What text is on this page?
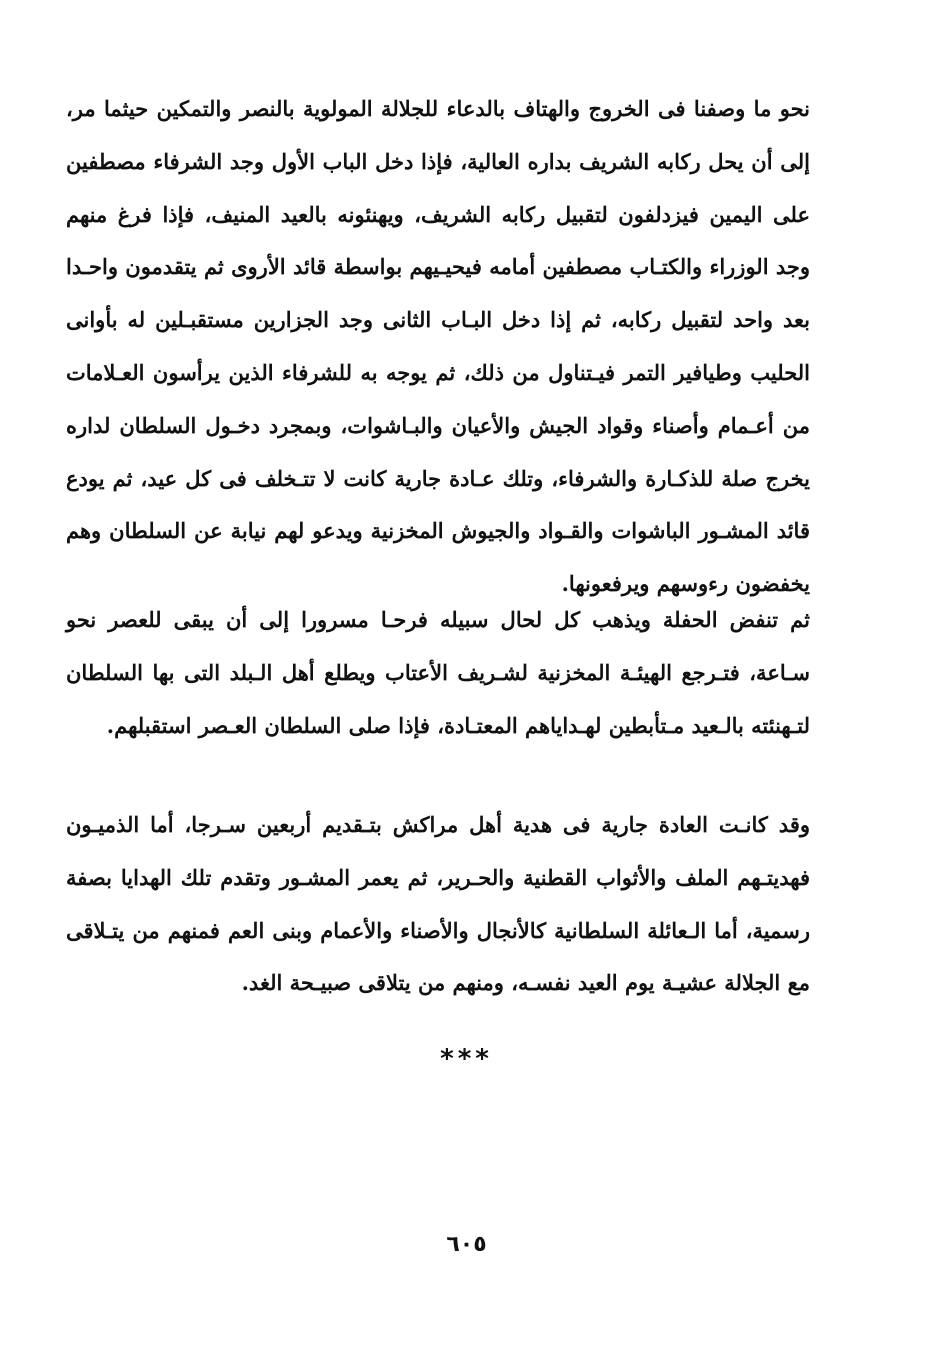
نحو ما وصفنا فى الخروج والهتاف بالدعاء للجلالة المولوية بالنصر والتمكين حيثما مر، إلى أن يحل ركابه الشريف بداره العالية، فإذا دخل الباب الأول وجد الشرفاء مصطفين على اليمين فيزدلفون لتقبيل ركابه الشريف، ويهنئونه بالعيد المنيف، فإذا فرغ منهم وجد الوزراء والكتـاب مصطفين أمامه فيحيـيهم بواسطة قائد الأروى ثم يتقدمون واحـدا بعد واحد لتقبيل ركابه، ثم إذا دخل البـاب الثانى وجد الجزارين مستقبـلين له بأوانى الحليب وطيافير التمر فيـتناول من ذلك، ثم يوجه به للشرفاء الذين يرأسون العـلامات من أعـمام وأصناء وقواد الجيش والأعيان والبـاشوات، وبمجرد دخـول السلطان لداره يخرج صلة للذكـارة والشرفاء، وتلك عـادة جارية كانت لا تتـخلف فى كل عيد، ثم يودع قائد المشـور الباشوات والقـواد والجيوش المخزنية ويدعو لهم نيابة عن السلطان وهم يخفضون رءوسهم ويرفعونها.

ثم تنفض الحفلة ويذهب كل لحال سبيله فرحـا مسرورا إلى أن يبقى للعصر نحو سـاعة، فتـرجع الهيئـة المخزنية لشـريف الأعتاب ويطلع أهل الـبلد التى بها السلطان لتـهنئته بالـعيد مـتأبطين لهـداياهم المعتـادة، فإذا صلى السلطان العـصر استقبلهم.

وقد كانـت العادة جارية فى هدية أهل مراكش بتـقديم أربعين سـرجا، أما الذميـون فهديتـهم الملف والأثواب القطنية والحـرير، ثم يعمر المشـور وتقدم تلك الهدايا بصفة رسمية، أما الـعائلة السلطانية كالأنجال والأصناء والأعمام وبنى العم فمنهم من يتـلاقى مع الجلالة عشيـة يوم العيد نفسـه، ومنهم من يتلاقى صبيـحة الغد.

***
٦٠٥
